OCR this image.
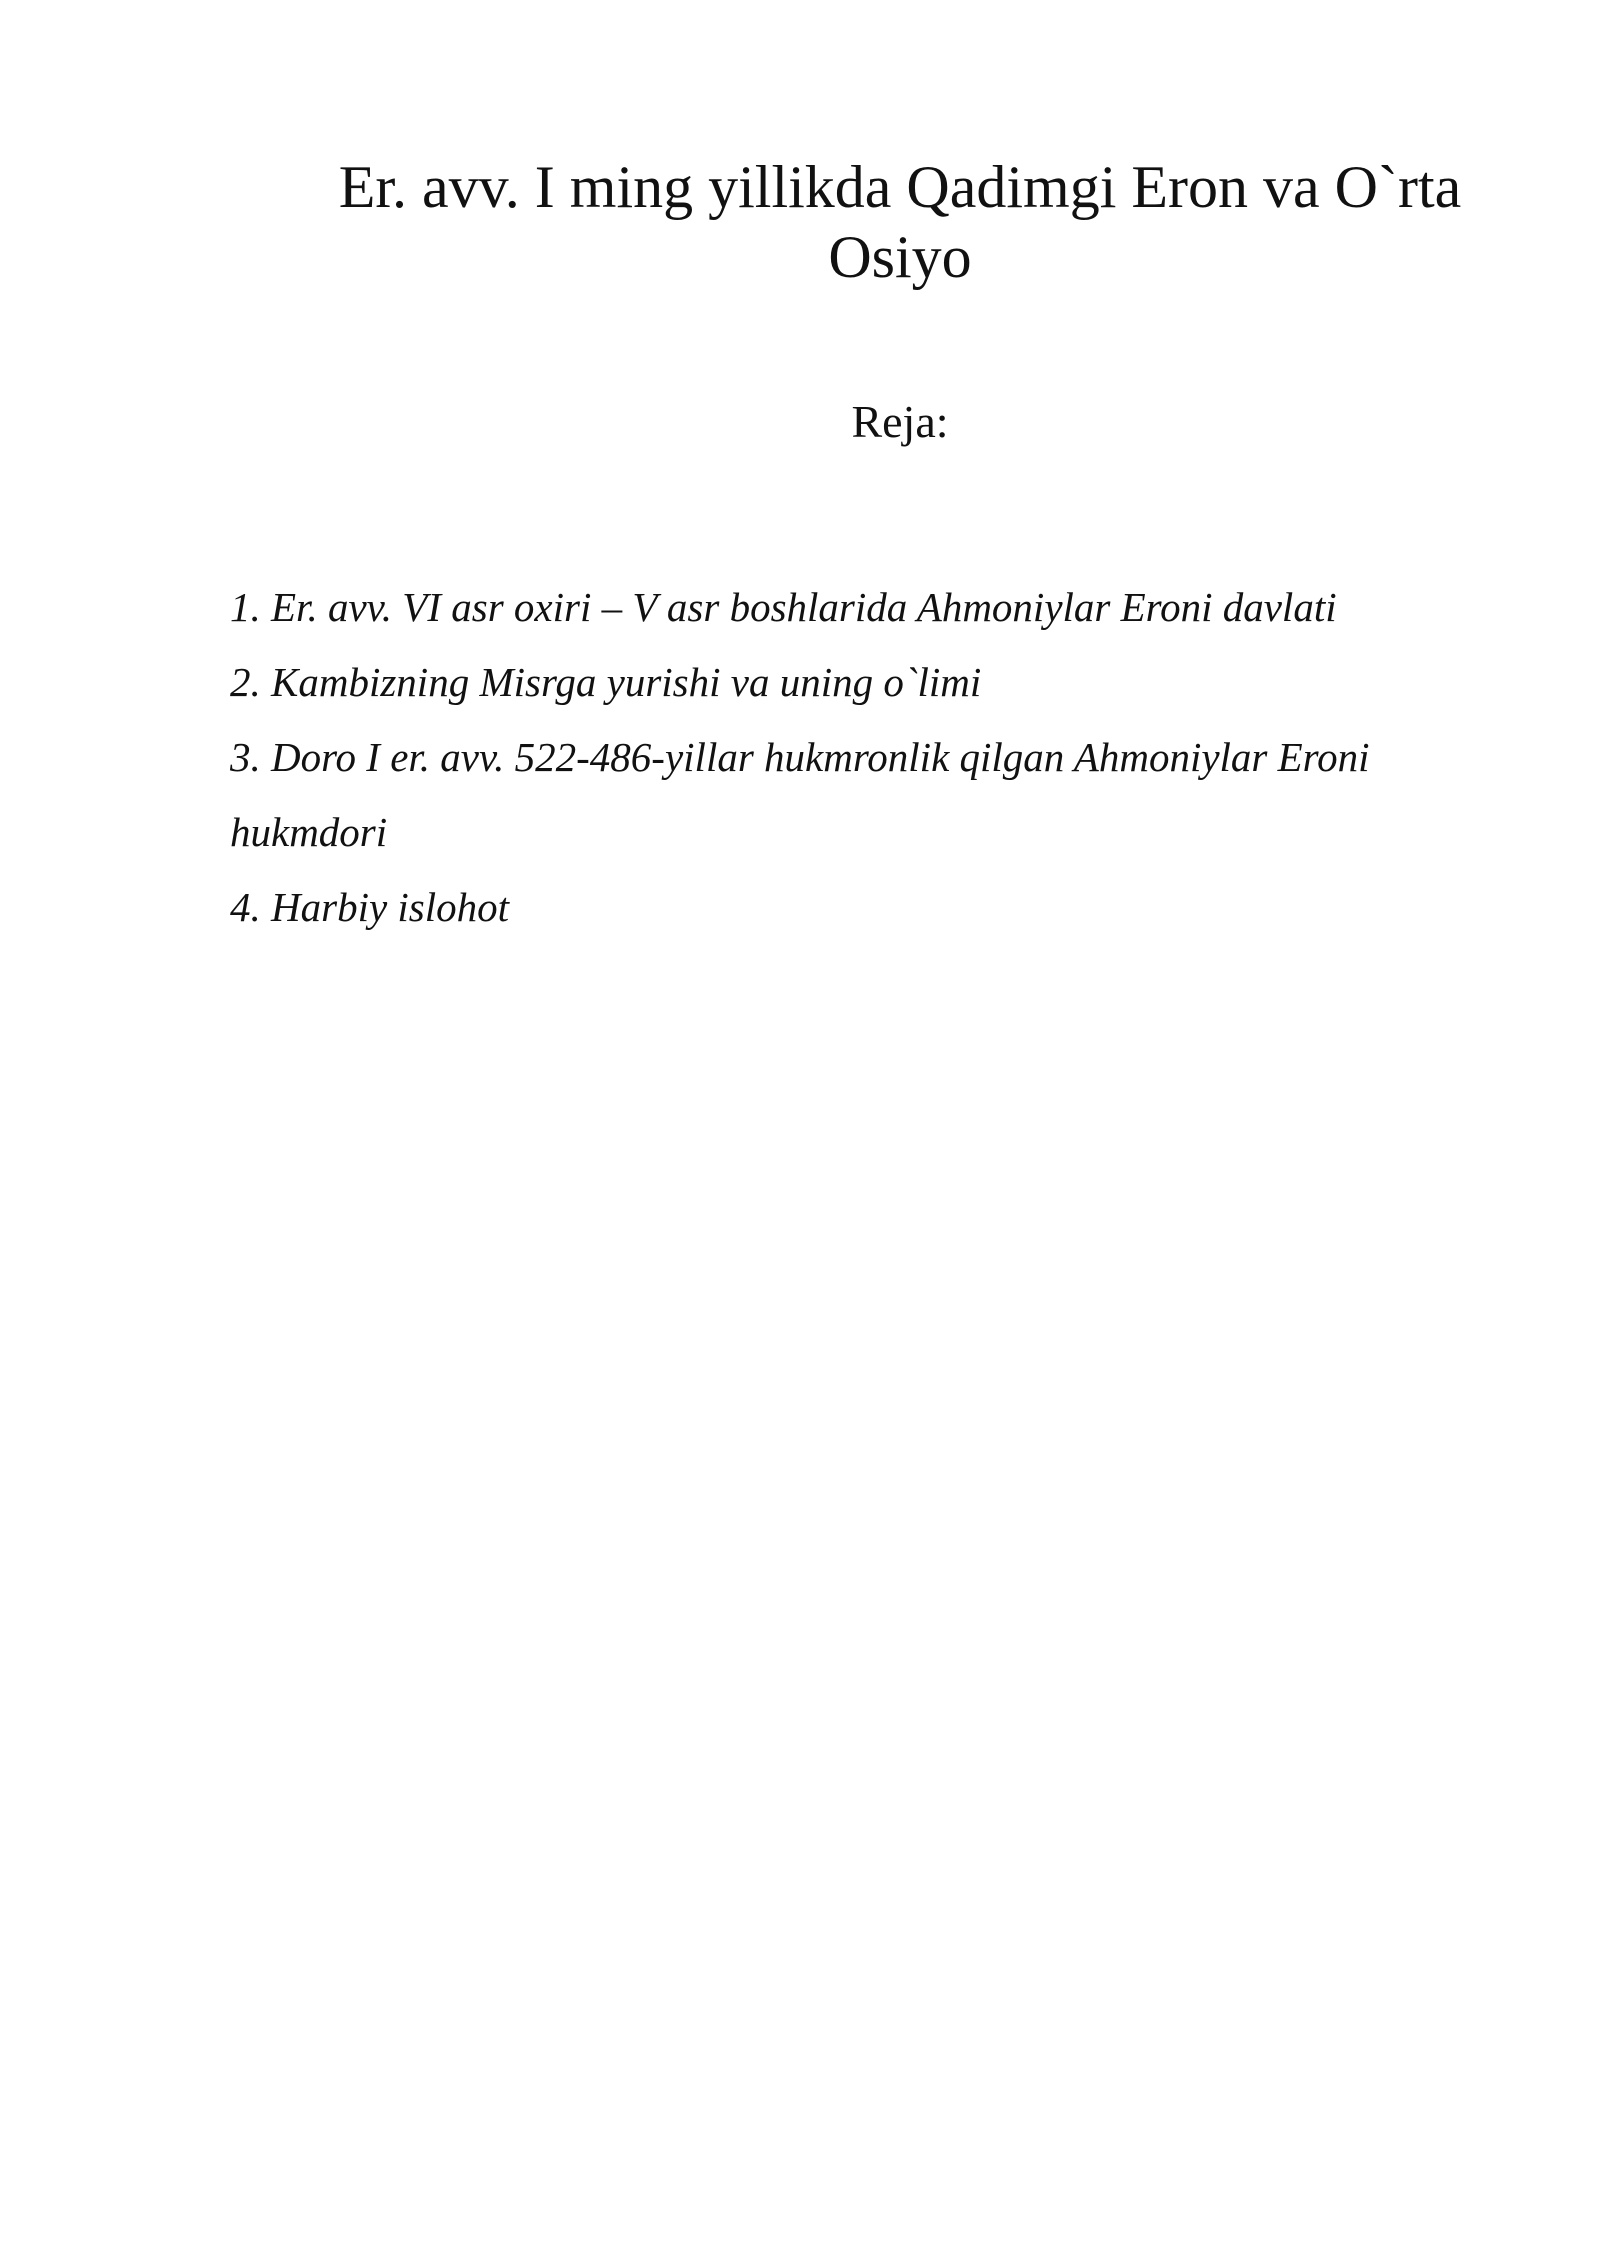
Er. avv. I ming yillikda Qadimgi Eron va O`rta
Osiyo
Reja:
1. Er. avv. VI asr oxiri – V asr boshlarida Ahmoniylar Eroni davlati
2. Kambizning Misrga yurishi va uning o`limi
3. Doro I er. avv. 522-486-yillar hukmronlik qilgan Ahmoniylar Eroni
hukmdori
4. Harbiy islohot
